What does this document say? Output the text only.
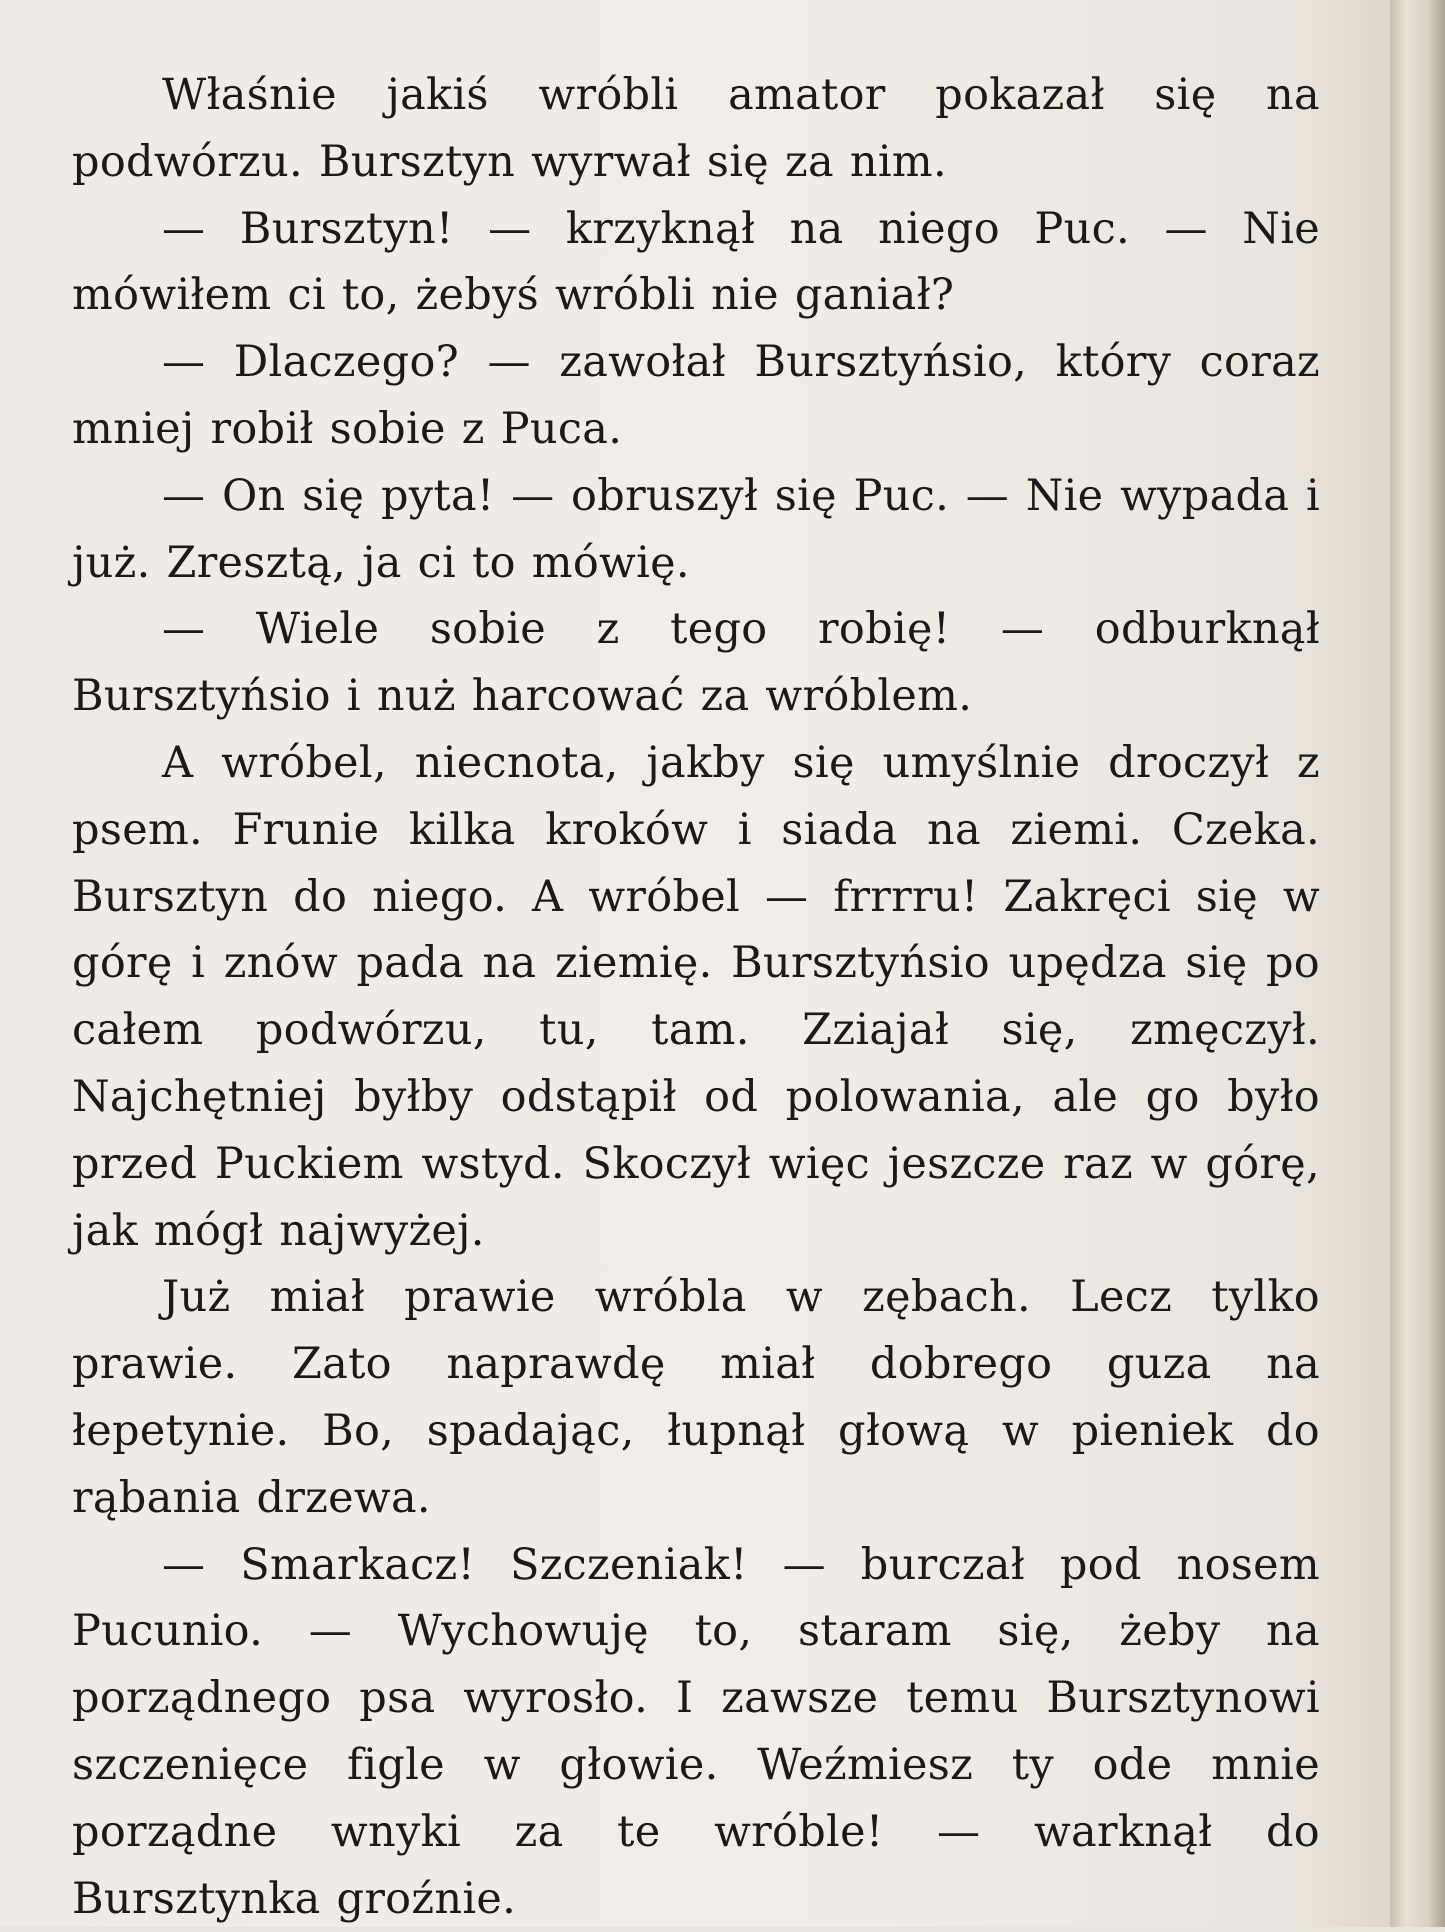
Właśnie jakiś wróbli amator pokazał się na podwórzu. Bursztyn wyrwał się za nim.

— Bursztyn! — krzyknął na niego Puc. — Nie mówiłem ci to, żebyś wróbli nie ganiał?

— Dlaczego? — zawołał Bursztyńsio, który coraz mniej robił sobie z Puca.

— On się pyta! — obruszył się Puc. — Nie wypada i już. Zresztą, ja ci to mówię.

— Wiele sobie z tego robię! — odburknął Bursztyńsio i nuż harcować za wróblem.

A wróbel, niecnota, jakby się umyślnie droczył z psem. Frunie kilka kroków i siada na ziemi. Czeka. Bursztyn do niego. A wróbel — frrrru! Zakręci się w górę i znów pada na ziemię. Bursztyńsio upędza się po całem podwórzu, tu, tam. Zziajał się, zmęczył. Najchętniej byłby odstąpił od polowania, ale go było przed Puckiem wstyd. Skoczył więc jeszcze raz w górę, jak mógł najwyżej.

Już miał prawie wróbla w zębach. Lecz tylko prawie. Zato naprawdę miał dobrego guza na łepetynie. Bo, spadając, łupnął głową w pieniek do rąbania drzewa.

— Smarkacz! Szczeniak! — burczał pod nosem Pucunio. — Wychowuję to, staram się, żeby na porządnego psa wyrosło. I zawsze temu Bursztynowi szczenięce figle w głowie. Weźmiesz ty ode mnie porządne wnyki za te wróble! — warknął do Bursztynka groźnie.
